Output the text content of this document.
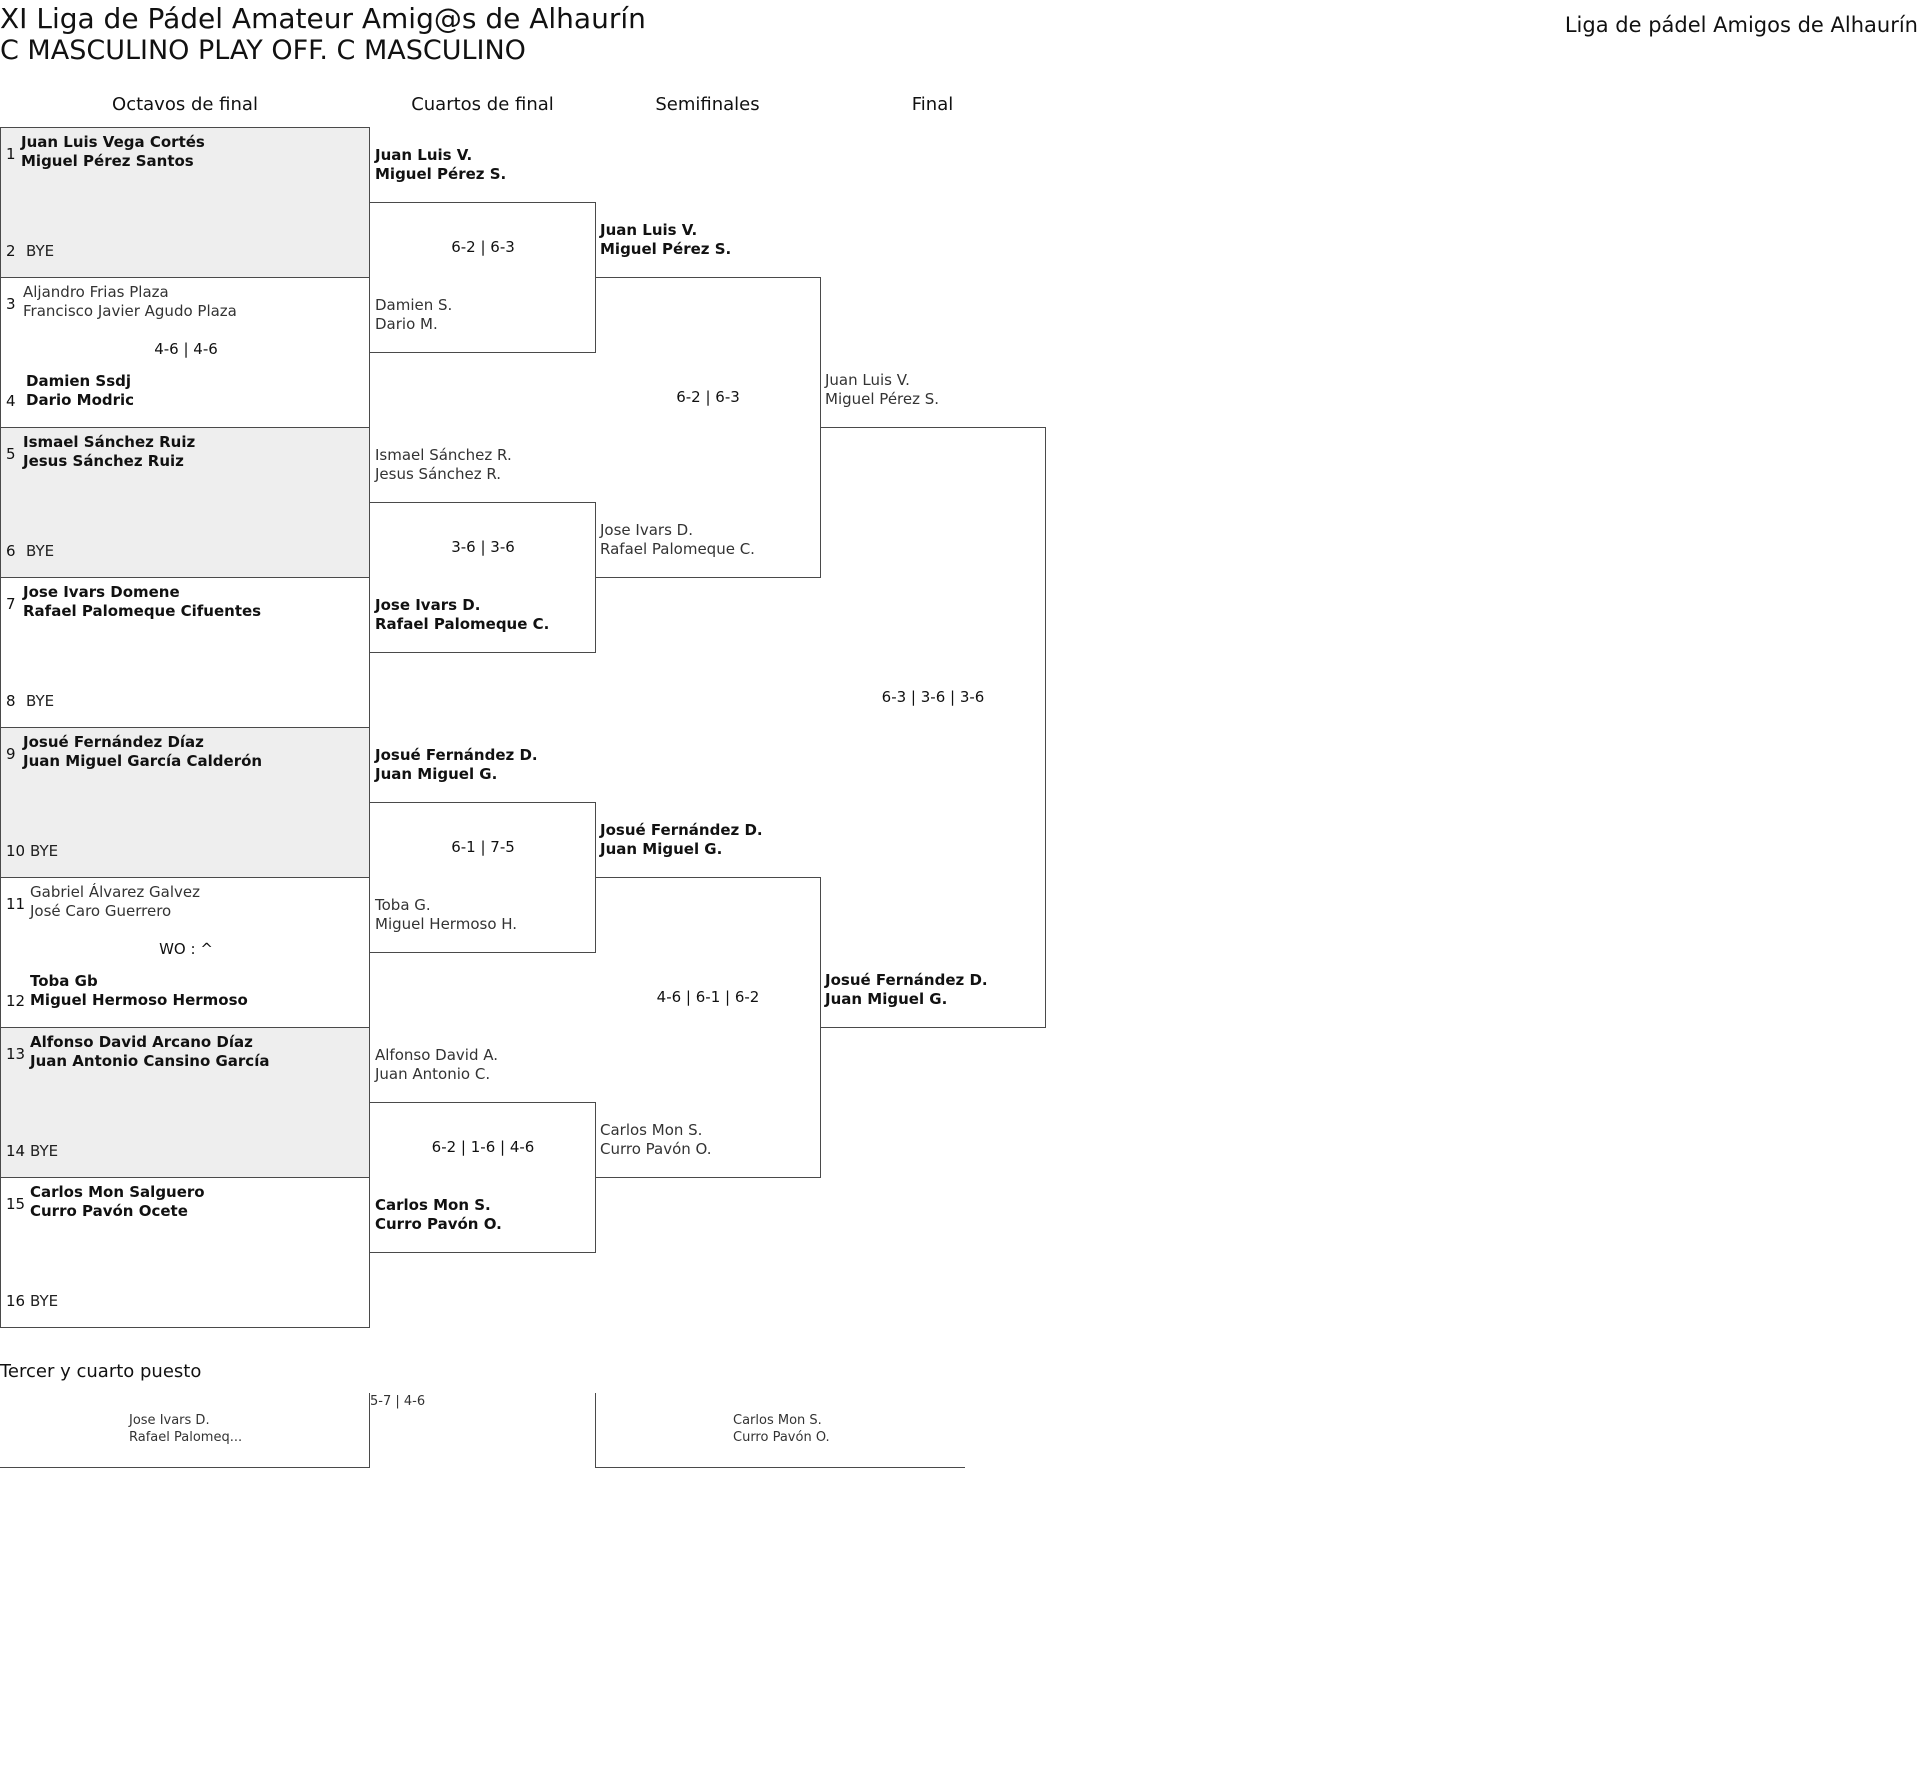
XI Liga de Pádel Amateur Amig@s de Alhaurín
C MASCULINO PLAY OFF. C MASCULINO
Liga de pádel Amigos de Alhaurín
Octavos de final	Cuartos de final	Semifinales	Final
1
Juan Luis Vega Cortés
Miguel Pérez Santos
2 BYE
3
Aljandro Frias Plaza
Francisco Javier Agudo Plaza
4
Damien Ssdj
Dario Modric
4-6 | 4-6
5
Ismael Sánchez Ruiz
Jesus Sánchez Ruiz
6 BYE
7
Jose Ivars Domene
Rafael Palomeque Cifuentes
8 BYE
9
Josué Fernández Díaz
Juan Miguel García Calderón
10 BYE
11
Gabriel Álvarez Galvez
José Caro Guerrero
12
Toba Gb
Miguel Hermoso Hermoso
WO : ^
13
Alfonso David Arcano Díaz
Juan Antonio Cansino García
14 BYE
15
Carlos Mon Salguero
Curro Pavón Ocete
16 BYE
Juan Luis V.
Miguel Pérez S.
Damien S.
Dario M.
6-2 | 6-3
Ismael Sánchez R.
Jesus Sánchez R.
Jose Ivars D.
Rafael Palomeque C.
3-6 | 3-6
Josué Fernández D.
Juan Miguel G.
Toba G.
Miguel Hermoso H.
6-1 | 7-5
Alfonso David A.
Juan Antonio C.
Carlos Mon S.
Curro Pavón O.
6-2 | 1-6 | 4-6
Juan Luis V.
Miguel Pérez S.
Jose Ivars D.
Rafael Palomeque C.
6-2 | 6-3
Josué Fernández D.
Juan Miguel G.
Carlos Mon S.
Curro Pavón O.
4-6 | 6-1 | 6-2
Juan Luis V.
Miguel Pérez S.
Josué Fernández D.
Juan Miguel G.
6-3 | 3-6 | 3-6
Tercer y cuarto puesto
Jose Ivars D.
Rafael Palomeq...
5-7 | 4-6
Carlos Mon S.
Curro Pavón O.
